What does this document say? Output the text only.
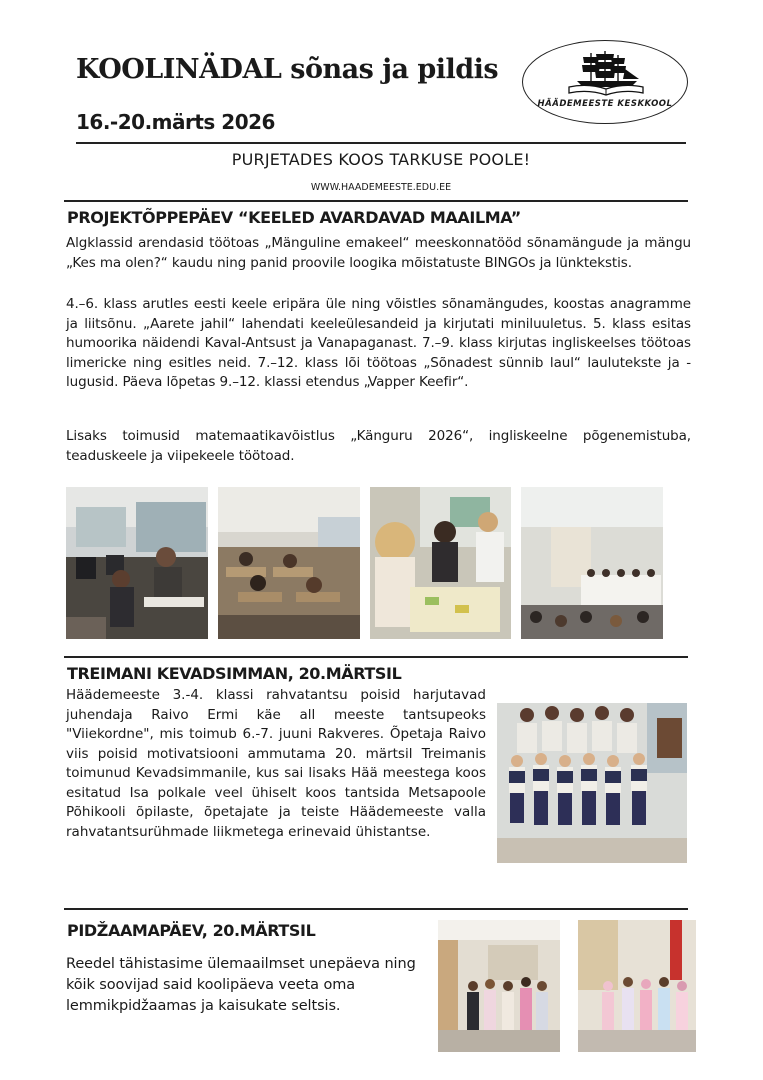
KOOLINÄDAL sõnas ja pildis
16.-20.märts 2026
HÄÄDEMEESTE KESKKOOL
PURJETADES KOOS TARKUSE POOLE!
WWW.HAADEMEESTE.EDU.EE
PROJEKTÕPPEPÄEV “KEELED AVARDAVAD MAAILMA”
Algklassid arendasid töötoas „Mänguline emakeel“ meeskonnatööd sõnamängude ja mängu „Kes ma olen?“ kaudu ning panid proovile loogika mõistatuste BINGOs ja lünktekstis.
4.–6. klass arutles eesti keele eripära üle ning võistles sõnamängudes, koostas anagramme ja liitsõnu. „Aarete jahil“ lahendati keeleülesandeid ja kirjutati miniluuletus. 5. klass esitas humoorika näidendi Kaval-Antsust ja Vanapaganast. 7.–9. klass kirjutas ingliskeelses töötoas limericke ning esitles neid. 7.–12. klass lõi töötoas „Sõnadest sünnib laul“ laulutekste ja -lugusid. Päeva lõpetas 9.–12. klassi etendus „Vapper Keefir“.
Lisaks toimusid matemaatikavõistlus „Känguru 2026“, ingliskeelne põgenemistuba, teaduskeele ja viipekeele töötoad.
TREIMANI KEVADSIMMAN, 20.MÄRTSIL
Häädemeeste 3.-4. klassi rahvatantsu poisid harjutavad juhendaja Raivo Ermi käe all meeste tantsupeoks "Viiekordne", mis toimub 6.-7. juuni Rakveres. Õpetaja Raivo viis poisid motivatsiooni ammutama 20. märtsil Treimanis toimunud Kevadsimmanile, kus sai lisaks Hää meestega koos esitatud Isa polkale veel ühiselt koos tantsida Metsapoole Põhikooli õpilaste, õpetajate ja teiste Häädemeeste valla rahvatantsurühmade liikmetega erinevaid ühistantse.
PIDŽAAMAPÄEV, 20.MÄRTSIL
Reedel tähistasime ülemaailmset unepäeva ning kõik soovijad said koolipäeva veeta oma lemmikpidžaamas ja kaisukate seltsis.
